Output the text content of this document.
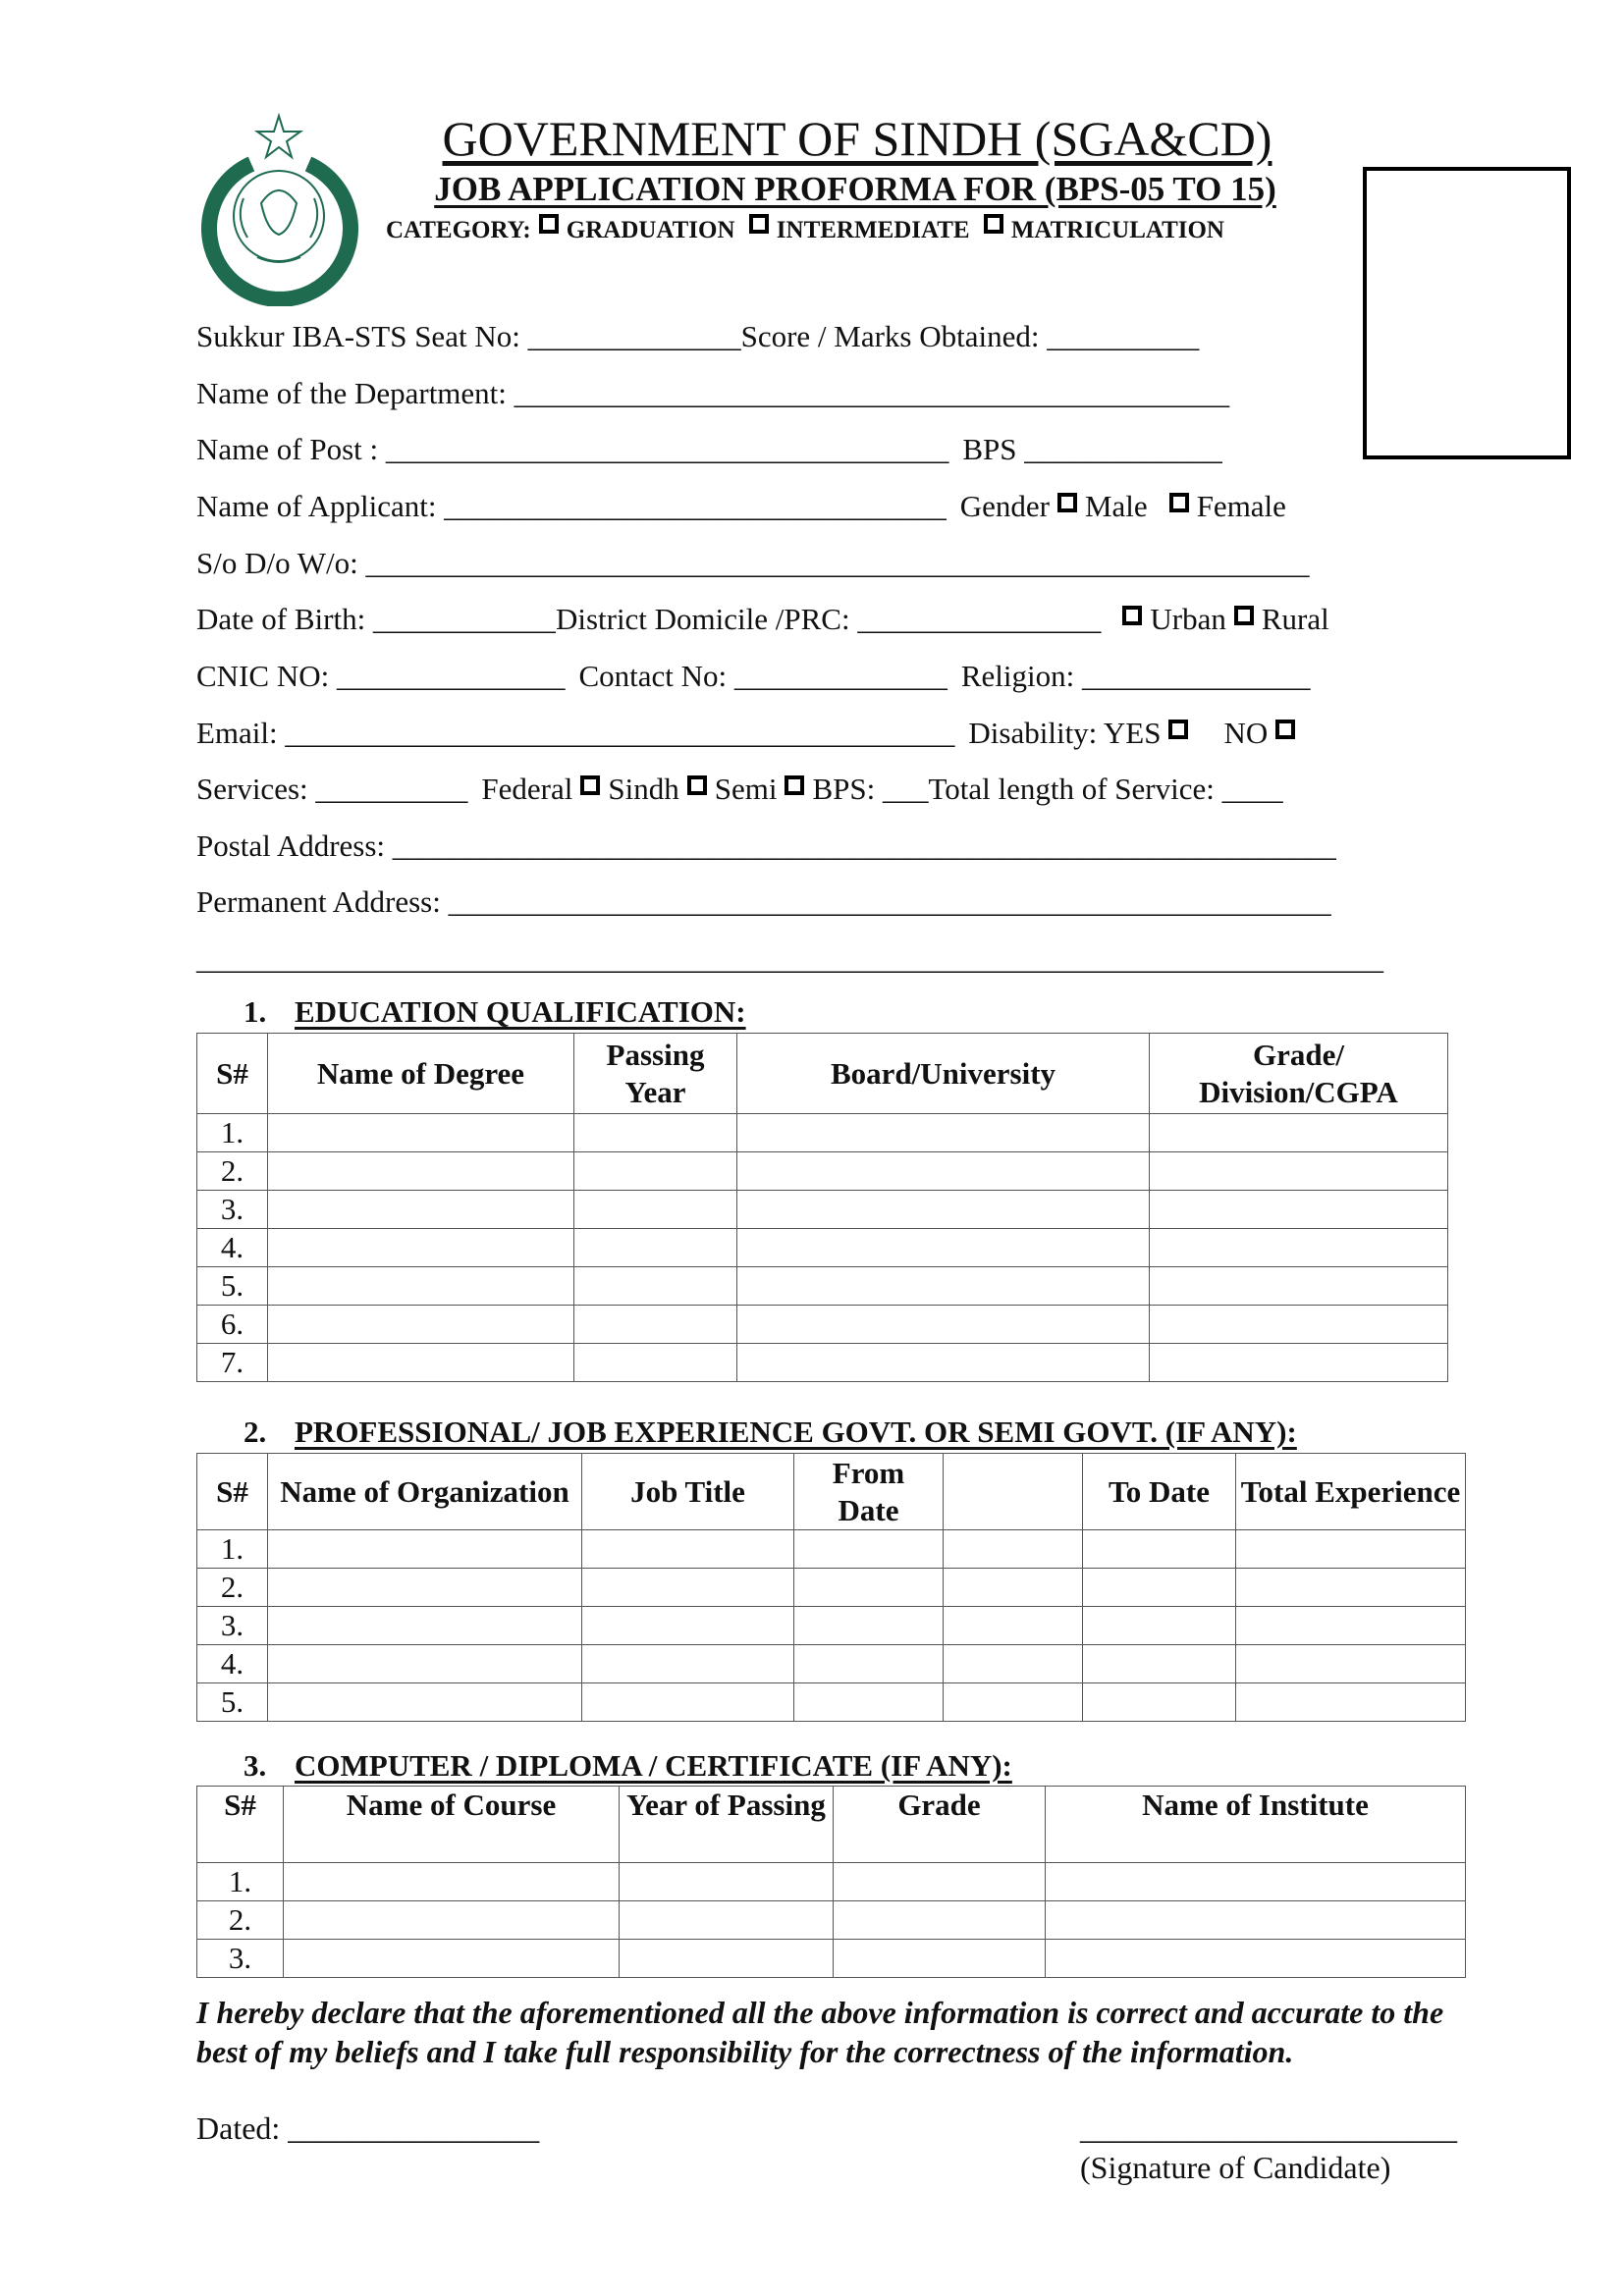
GOVERNMENT OF SINDH (SGA&CD)
JOB APPLICATION PROFORMA FOR (BPS-05 TO 15)
CATEGORY: GRADUATION INTERMEDIATE MATRICULATION
Sukkur IBA-STS Seat No: ______________Score / Marks Obtained: __________
Name of the Department: _______________________________________________
Name of Post : _____________________________________ BPS _____________
Name of Applicant: _________________________________ Gender Male Female
S/o D/o W/o: ______________________________________________________________
Date of Birth: ____________District Domicile /PRC: ________________ Urban Rural
CNIC NO: _______________ Contact No: ______________ Religion: _______________
Email: ____________________________________________ Disability: YES NO
Services: __________ Federal Sindh Semi BPS: ___Total length of Service: ____
Postal Address: ______________________________________________________________
Permanent Address: __________________________________________________________
______________________________________________________________________________
1. EDUCATION QUALIFICATION:
S#	Name of Degree	Passing Year	Board/University	Grade/ Division/CGPA
1.				
2.				
3.				
4.				
5.				
6.				
7.				
2. PROFESSIONAL/ JOB EXPERIENCE GOVT. OR SEMI GOVT. (IF ANY):
S#	Name of Organization	Job Title	From Date		To Date	Total Experience
1.						
2.						
3.						
4.						
5.						
3. COMPUTER / DIPLOMA / CERTIFICATE (IF ANY):
S#	Name of Course	Year of Passing	Grade	Name of Institute
1.				
2.				
3.				
I hereby declare that the aforementioned all the above information is correct and accurate to the best of my beliefs and I take full responsibility for the correctness of the information.
Dated: ________________	________________________
(Signature of Candidate)
